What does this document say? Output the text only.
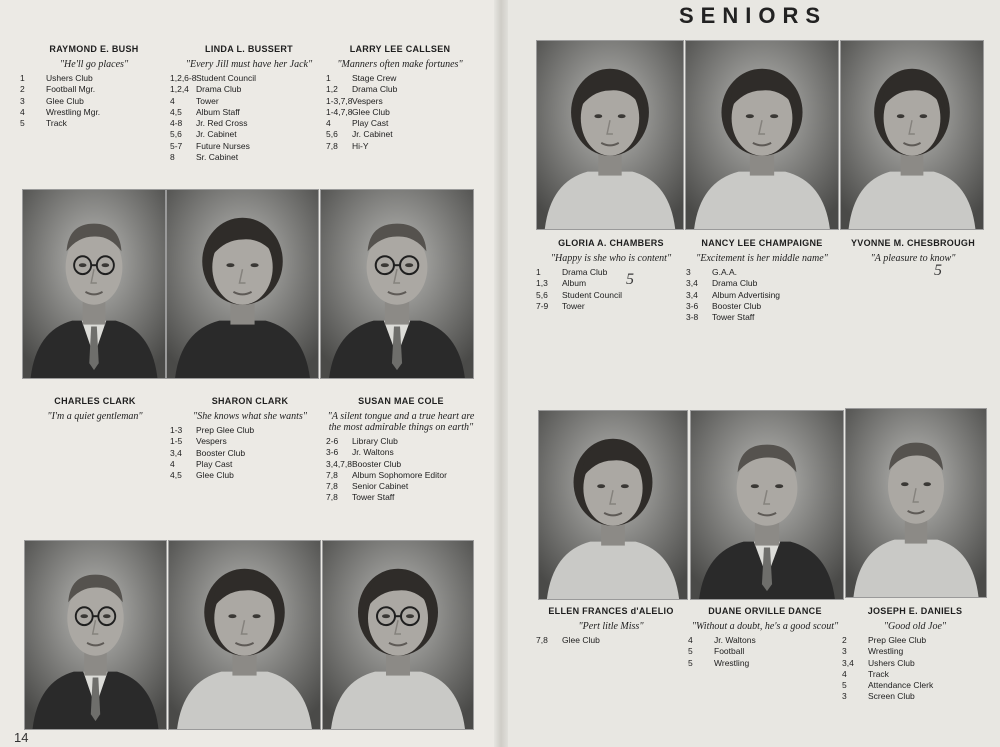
SENIORS
14
RAYMOND E. BUSH
"He'll go places"
1	Ushers Club
2	Football Mgr.
3	Glee Club
4	Wrestling Mgr.
5	Track
LINDA L. BUSSERT
"Every Jill must have her Jack"
1,2,6-8 Student Council
1,2,4 Drama Club
4	Tower
4,5	Album Staff
4-8	Jr. Red Cross
5,6	Jr. Cabinet
5-7	Future Nurses
8	Sr. Cabinet
LARRY LEE CALLSEN
"Manners often make fortunes"
1	Stage Crew
1,2	Drama Club
1-3,7,8 Vespers
1-4,7,8 Glee Club
4	Play Cast
5,6	Jr. Cabinet
7,8	Hi-Y
CHARLES CLARK
"I'm a quiet gentleman"
SHARON CLARK
"She knows what she wants"
1-3	Prep Glee Club
1-5	Vespers
3,4	Booster Club
4	Play Cast
4,5	Glee Club
SUSAN MAE COLE
"A silent tongue and a true heart are the most admirable things on earth"
2-6	Library Club
3-6	Jr. Waltons
3,4,7,8 Booster Club
7,8	Album Sophomore Editor
7,8	Senior Cabinet
7,8	Tower Staff
GLORIA A. CHAMBERS
"Happy is she who is content"
1	Drama Club
1,3	Album
5,6	Student Council
7-9	Tower
NANCY LEE CHAMPAIGNE
"Excitement is her middle name"
3	G.A.A.
3,4	Drama Club
3,4	Album Advertising
3-6	Booster Club
3-8	Tower Staff
YVONNE M. CHESBROUGH
"A pleasure to know"
ELLEN FRANCES d'ALELIO
"Pert litle Miss"
7,8	Glee Club
DUANE ORVILLE DANCE
"Without a doubt, he's a good scout"
4	Jr. Waltons
5	Football
5	Wrestling
JOSEPH E. DANIELS
"Good old Joe"
2	Prep Glee Club
3	Wrestling
3,4	Ushers Club
4	Track
5	Attendance Clerk
3	Screen Club
5
5
